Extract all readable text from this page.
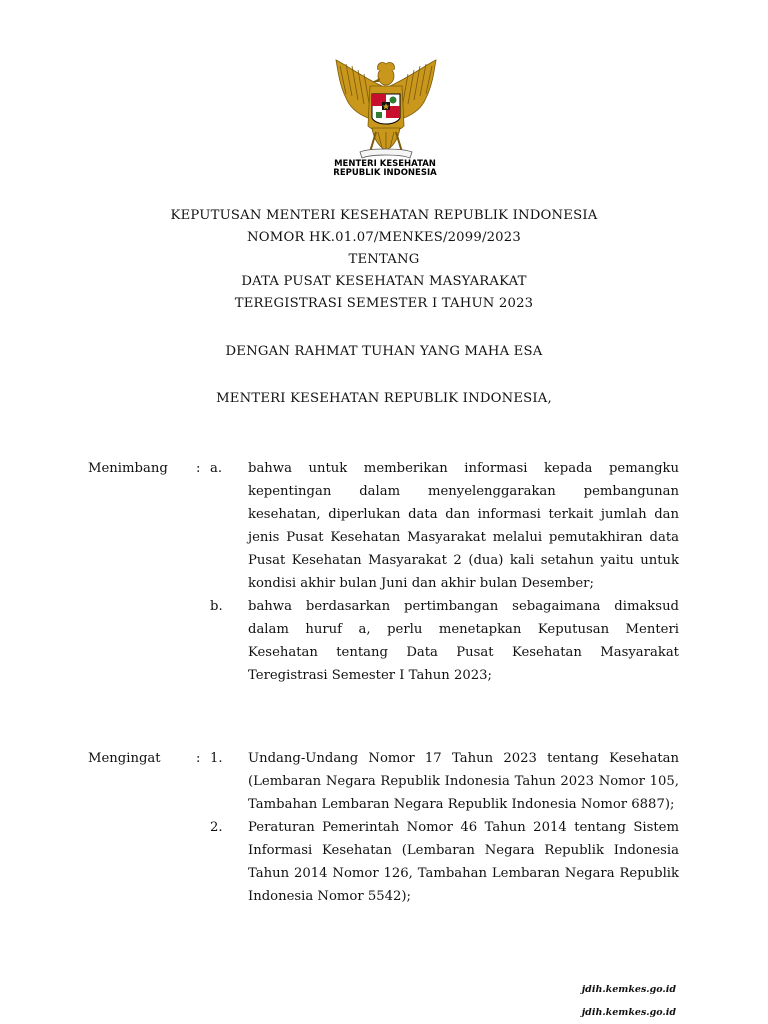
MENTERI KESEHATAN
REPUBLIK INDONESIA
KEPUTUSAN MENTERI KESEHATAN REPUBLIK INDONESIA
NOMOR HK.01.07/MENKES/2099/2023
TENTANG
DATA PUSAT KESEHATAN MASYARAKAT
TEREGISTRASI SEMESTER I TAHUN 2023
DENGAN RAHMAT TUHAN YANG MAHA ESA
MENTERI KESEHATAN REPUBLIK INDONESIA,
Menimbang	: a.	bahwa untuk memberikan informasi kepada pemangku kepentingan dalam menyelenggarakan pembangunan kesehatan, diperlukan data dan informasi terkait jumlah dan jenis Pusat Kesehatan Masyarakat melalui pemutakhiran data Pusat Kesehatan Masyarakat 2 (dua) kali setahun yaitu untuk kondisi akhir bulan Juni dan akhir bulan Desember;
b.	bahwa berdasarkan pertimbangan sebagaimana dimaksud dalam huruf a, perlu menetapkan Keputusan Menteri Kesehatan tentang Data Pusat Kesehatan Masyarakat Teregistrasi Semester I Tahun 2023;
Mengingat	: 1.	Undang-Undang Nomor 17 Tahun 2023 tentang Kesehatan (Lembaran Negara Republik Indonesia Tahun 2023 Nomor 105, Tambahan Lembaran Negara Republik Indonesia Nomor 6887);
2.	Peraturan Pemerintah Nomor 46 Tahun 2014 tentang Sistem Informasi Kesehatan (Lembaran Negara Republik Indonesia Tahun 2014 Nomor 126, Tambahan Lembaran Negara Republik Indonesia Nomor 5542);
jdih.kemkes.go.id
jdih.kemkes.go.id
